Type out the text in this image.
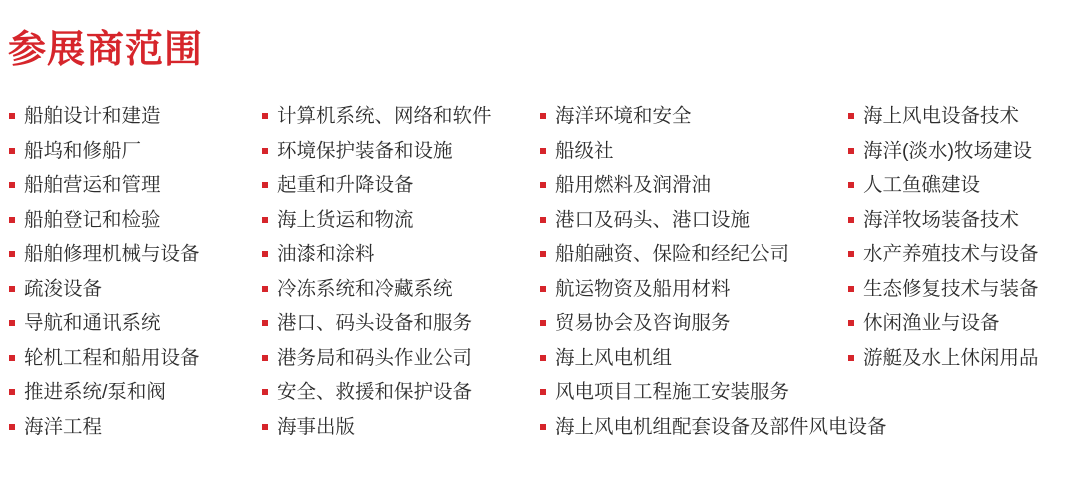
参展商范围
船舶设计和建造
船坞和修船厂
船舶营运和管理
船舶登记和检验
船舶修理机械与设备
疏浚设备
导航和通讯系统
轮机工程和船用设备
推进系统/泵和阀
海洋工程
计算机系统、网络和软件
环境保护装备和设施
起重和升降设备
海上货运和物流
油漆和涂料
冷冻系统和冷藏系统
港口、码头设备和服务
港务局和码头作业公司
安全、救援和保护设备
海事出版
海洋环境和安全
船级社
船用燃料及润滑油
港口及码头、港口设施
船舶融资、保险和经纪公司
航运物资及船用材料
贸易协会及咨询服务
海上风电机组
风电项目工程施工安装服务
海上风电机组配套设备及部件风电设备
海上风电设备技术
海洋(淡水)牧场建设
人工鱼礁建设
海洋牧场装备技术
水产养殖技术与设备
生态修复技术与装备
休闲渔业与设备
游艇及水上休闲用品
